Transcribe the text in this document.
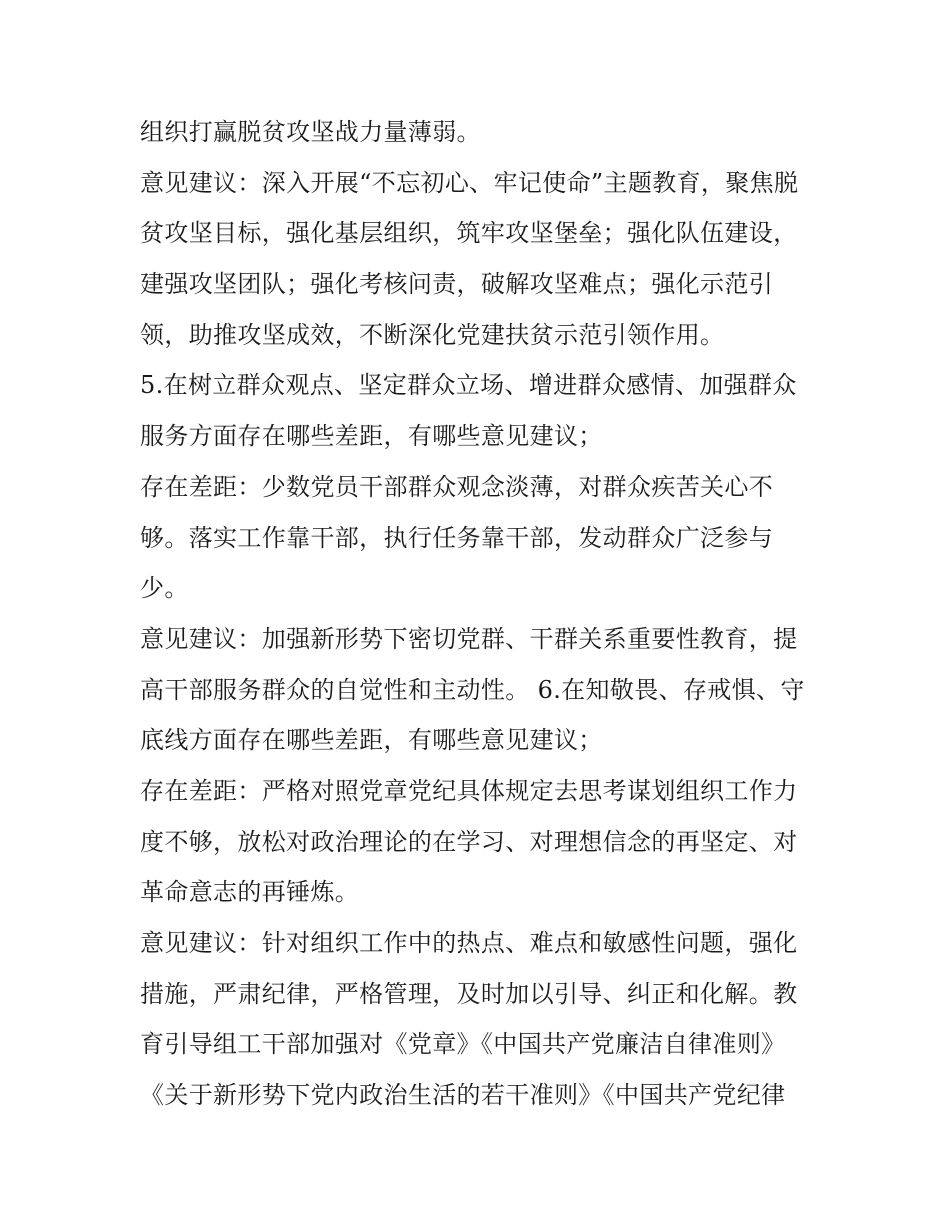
组织打赢脱贫攻坚战力量薄弱。
意见建议：深入开展“不忘初心、牢记使命”主题教育，聚焦脱
贫攻坚目标，强化基层组织，筑牢攻坚堡垒；强化队伍建设，
建强攻坚团队；强化考核问责，破解攻坚难点；强化示范引
领，助推攻坚成效，不断深化党建扶贫示范引领作用。
5.在树立群众观点、坚定群众立场、增进群众感情、加强群众
服务方面存在哪些差距，有哪些意见建议；
存在差距：少数党员干部群众观念淡薄，对群众疾苦关心不
够。落实工作靠干部，执行任务靠干部，发动群众广泛参与
少。
意见建议：加强新形势下密切党群、干群关系重要性教育，提
高干部服务群众的自觉性和主动性。 6.在知敬畏、存戒惧、守
底线方面存在哪些差距，有哪些意见建议；
存在差距：严格对照党章党纪具体规定去思考谋划组织工作力
度不够，放松对政治理论的在学习、对理想信念的再坚定、对
革命意志的再锤炼。
意见建议：针对组织工作中的热点、难点和敏感性问题，强化
措施，严肃纪律，严格管理，及时加以引导、纠正和化解。教
育引导组工干部加强对《党章》《中国共产党廉洁自律准则》
《关于新形势下党内政治生活的若干准则》《中国共产党纪律
